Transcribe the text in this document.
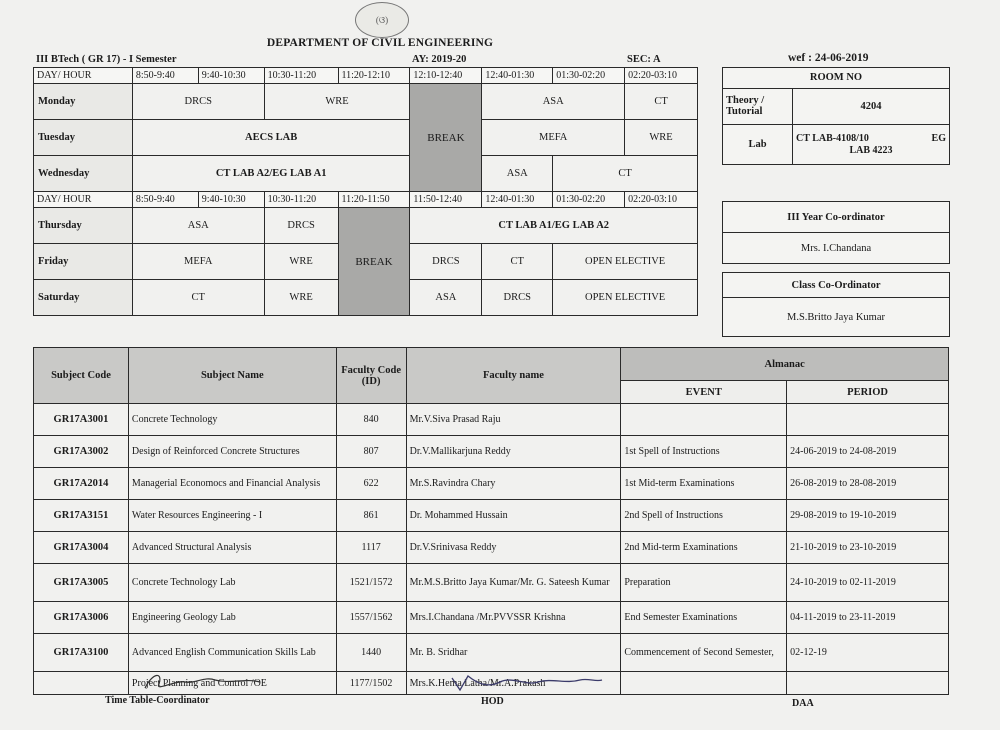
(ଓ)
DEPARTMENT OF CIVIL ENGINEERING
III BTech ( GR 17) - I Semester	AY: 2019-20	SEC: A	wef : 24-06-2019
DAY/ HOUR	8:50-9:40	9:40-10:30	10:30-11:20	11:20-12:10	12:10-12:40	12:40-01:30	01:30-02:20	02:20-03:10
Monday	DRCS		WRE		BREAK	ASA		CT
Tuesday	AECS LAB					MEFA		WRE
Wednesday	CT LAB A2/EG LAB A1					ASA	CT	
DAY/ HOUR	8:50-9:40	9:40-10:30	10:30-11:20	11:20-11:50	11:50-12:40	12:40-01:30	01:30-02:20	02:20-03:10
Thursday	ASA		DRCS	BREAK	CT LAB A1/EG LAB A2			
Friday	MEFA		WRE		DRCS	CT	OPEN ELECTIVE	
Saturday	CT		WRE		ASA	DRCS	OPEN ELECTIVE	
ROOM NO	
Theory / Tutorial	4204
Lab	CT LAB-4108/10 EG
LAB 4223
III Year Co-ordinator
Mrs. I.Chandana
Class Co-Ordinator
M.S.Britto Jaya Kumar
Subject Code	Subject Name	Faculty Code (ID)	Faculty name	Almanac	
				EVENT	PERIOD
GR17A3001	Concrete Technology	840	Mr.V.Siva Prasad Raju		
GR17A3002	Design of Reinforced Concrete Structures	807	Dr.V.Mallikarjuna Reddy	1st Spell of Instructions	24-06-2019 to 24-08-2019
GR17A2014	Managerial Economocs and Financial Analysis	622	Mr.S.Ravindra Chary	1st Mid-term Examinations	26-08-2019 to 28-08-2019
GR17A3151	Water Resources Engineering - I	861	Dr. Mohammed Hussain	2nd Spell of Instructions	29-08-2019 to 19-10-2019
GR17A3004	Advanced Structural Analysis	1117	Dr.V.Srinivasa Reddy	2nd Mid-term Examinations	21-10-2019 to 23-10-2019
GR17A3005	Concrete Technology Lab	1521/1572	Mr.M.S.Britto Jaya Kumar/Mr. G. Sateesh Kumar	Preparation	24-10-2019 to 02-11-2019
GR17A3006	Engineering Geology Lab	1557/1562	Mrs.I.Chandana /Mr.PVVSSR Krishna	End Semester Examinations	04-11-2019 to 23-11-2019
GR17A3100	Advanced English Communication Skills Lab	1440	Mr. B. Sridhar	Commencement of Second Semester,	02-12-19
	Project Planning and Control /OE	1177/1502	Mrs.K.Hema Latha/Mr.A.Prakash		
Time Table-Coordinator	HOD	DAA
